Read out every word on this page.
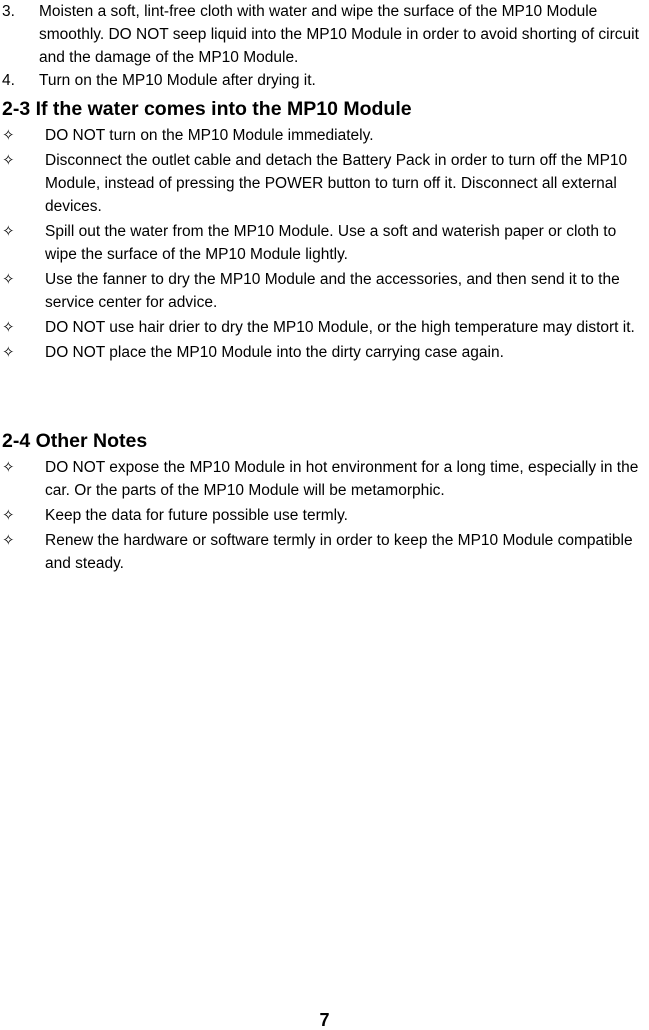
3. Moisten a soft, lint-free cloth with water and wipe the surface of the MP10 Module smoothly. DO NOT seep liquid into the MP10 Module in order to avoid shorting of circuit and the damage of the MP10 Module.
4. Turn on the MP10 Module after drying it.
2-3 If the water comes into the MP10 Module
✧ DO NOT turn on the MP10 Module immediately.
✧ Disconnect the outlet cable and detach the Battery Pack in order to turn off the MP10 Module, instead of pressing the POWER button to turn off it. Disconnect all external devices.
✧ Spill out the water from the MP10 Module. Use a soft and waterish paper or cloth to wipe the surface of the MP10 Module lightly.
✧ Use the fanner to dry the MP10 Module and the accessories, and then send it to the service center for advice.
✧ DO NOT use hair drier to dry the MP10 Module, or the high temperature may distort it.
✧ DO NOT place the MP10 Module into the dirty carrying case again.
2-4 Other Notes
✧ DO NOT expose the MP10 Module in hot environment for a long time, especially in the car. Or the parts of the MP10 Module will be metamorphic.
✧ Keep the data for future possible use termly.
✧ Renew the hardware or software termly in order to keep the MP10 Module compatible and steady.
7
